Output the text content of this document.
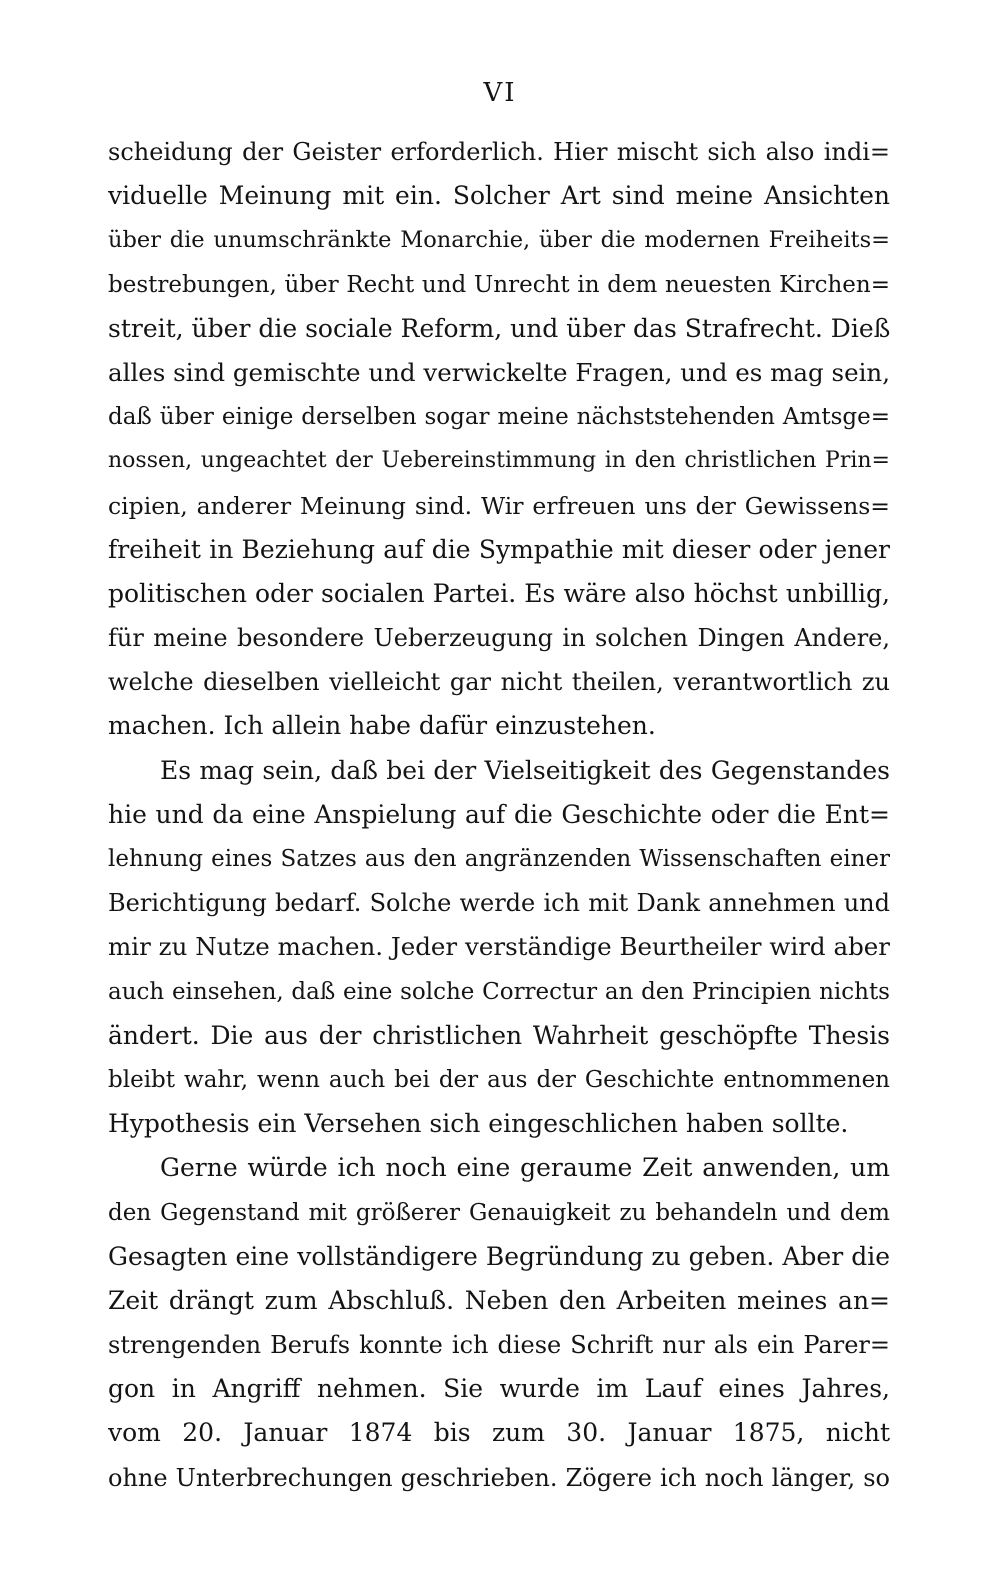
VI
scheidung der Geister erforderlich. Hier mischt sich also indi=
viduelle Meinung mit ein. Solcher Art sind meine Ansichten
über die unumschränkte Monarchie, über die modernen Freiheits=
bestrebungen, über Recht und Unrecht in dem neuesten Kirchen=
streit, über die sociale Reform, und über das Strafrecht. Dieß
alles sind gemischte und verwickelte Fragen, und es mag sein,
daß über einige derselben sogar meine nächststehenden Amtsge=
nossen, ungeachtet der Uebereinstimmung in den christlichen Prin=
cipien, anderer Meinung sind. Wir erfreuen uns der Gewissens=
freiheit in Beziehung auf die Sympathie mit dieser oder jener
politischen oder socialen Partei. Es wäre also höchst unbillig,
für meine besondere Ueberzeugung in solchen Dingen Andere,
welche dieselben vielleicht gar nicht theilen, verantwortlich zu
machen. Ich allein habe dafür einzustehen.
Es mag sein, daß bei der Vielseitigkeit des Gegenstandes
hie und da eine Anspielung auf die Geschichte oder die Ent=
lehnung eines Satzes aus den angränzenden Wissenschaften einer
Berichtigung bedarf. Solche werde ich mit Dank annehmen und
mir zu Nutze machen. Jeder verständige Beurtheiler wird aber
auch einsehen, daß eine solche Correctur an den Principien nichts
ändert. Die aus der christlichen Wahrheit geschöpfte Thesis
bleibt wahr, wenn auch bei der aus der Geschichte entnommenen
Hypothesis ein Versehen sich eingeschlichen haben sollte.
Gerne würde ich noch eine geraume Zeit anwenden, um
den Gegenstand mit größerer Genauigkeit zu behandeln und dem
Gesagten eine vollständigere Begründung zu geben. Aber die
Zeit drängt zum Abschluß. Neben den Arbeiten meines an=
strengenden Berufs konnte ich diese Schrift nur als ein Parer=
gon in Angriff nehmen. Sie wurde im Lauf eines Jahres,
vom 20. Januar 1874 bis zum 30. Januar 1875, nicht
ohne Unterbrechungen geschrieben. Zögere ich noch länger, so
